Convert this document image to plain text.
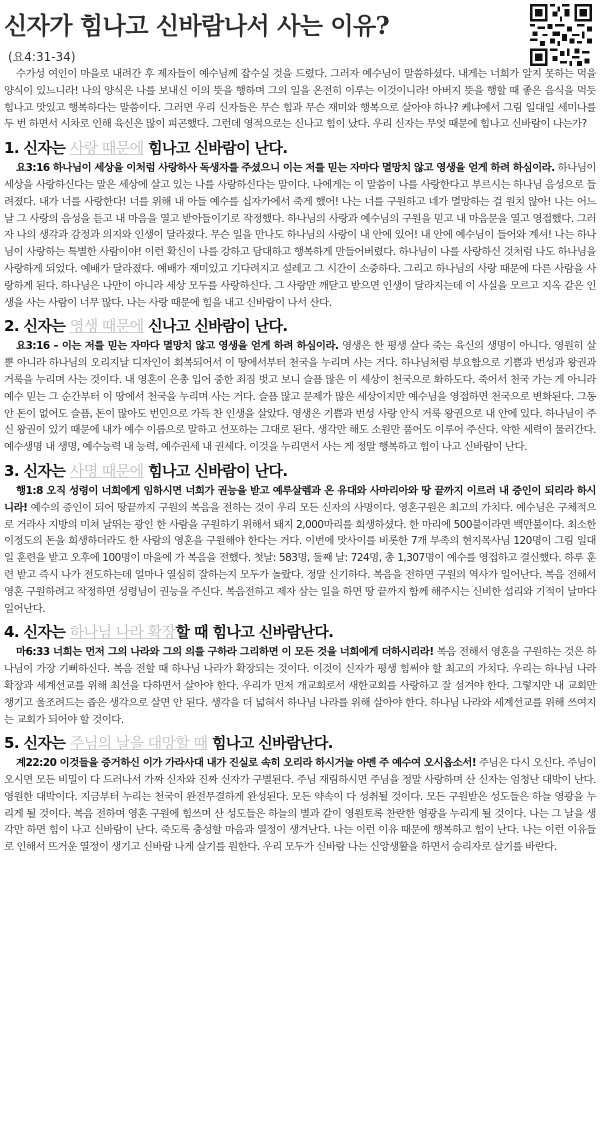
신자가 힘나고 신바람나서 사는 이유?
(요4:31-34)

수가성 여인이 마을로 내려간 후 제자들이 예수님께 잡수실 것을 드렸다. 그러자 예수님이 말씀하셨다. 내게는 너희가 알지 못하는 먹을 양식이 있느니라! 나의 양식은 나를 보내신 이의 뜻을 행하며 그의 일을 온전히 이루는 이것이니라! 아버지 뜻을 행할 때 좋은 음식을 먹듯 힘나고 맛있고 행복하다는 말씀이다. 그러면 우리 신자들은 무슨 힘과 무슨 재미와 행복으로 살아야 하나? 케냐에서 그림 일대일 세미나를 두 번 하면서 시차로 인해 육신은 많이 피곤했다. 그런데 영적으로는 신나고 힘이 났다. 우리 신자는 무엇 때문에 힘나고 신바람이 나는가?

1. 신자는 사랑 때문에 힘나고 신바람이 난다.

요3:16 하나님이 세상을 이처럼 사랑하사 독생자를 주셨으니 이는 저를 믿는 자마다 멸망치 않고 영생을 얻게 하려 하심이라. 하나님이 세상을 사랑하신다는 말은 세상에 살고 있는 나를 사랑하신다는 말이다. 나에게는 이 말씀이 나를 사랑한다고 부르시는 하나님 음성으로 들려졌다. 내가 너를 사랑한다! 너를 위해 내 아들 예수를 십자가에서 죽게 했어! 나는 너를 구원하고 네가 멸망하는 걸 원치 않아! 나는 어느 날 그 사랑의 음성을 듣고 내 마음을 열고 받아들이기로 작정했다. 하나님의 사랑과 예수님의 구원을 믿고 내 마음문을 열고 영접했다. 그러자 나의 생각과 감정과 의지와 인생이 달라졌다. 무슨 일을 만나도 하나님의 사랑이 내 안에 있어! 내 안에 예수님이 들어와 계셔! 나는 하나님이 사랑하는 특별한 사람이야! 이런 확신이 나를 강하고 담대하고 행복하게 만들어버렸다. 하나님이 나를 사랑하신 것처럼 나도 하나님을 사랑하게 되었다. 예배가 달라졌다. 예배가 재미있고 기다려지고 설레고 그 시간이 소중하다. 그리고 하나님의 사랑 때문에 다른 사람을 사랑하게 된다. 하나님은 나만이 아니라 세상 모두를 사랑하신다. 그 사랑만 깨닫고 받으면 인생이 달라지는데 이 사실을 모르고 지옥 같은 인생을 사는 사람이 너무 많다. 나는 사랑 때문에 힘을 내고 신바람이 나서 산다.

2. 신자는 영생 때문에 신나고 신바람이 난다.

요3:16 – 이는 저를 믿는 자마다 멸망치 않고 영생을 얻게 하려 하심이라. 영생은 한 평생 살다 죽는 육신의 생명이 아니다. 영원히 살 뿐 아니라 하나님의 오리지날 디자인이 회복되어서 이 땅에서부터 천국을 누리며 사는 거다. 하나님처럼 부요함으로 기쁨과 번성과 왕권과 거룩을 누리며 사는 것이다. 내 영혼이 은총 입어 중한 죄짐 벗고 보니 슬픔 많은 이 세상이 천국으로 화하도다. 죽어서 천국 가는 게 아니라 예수 믿는 그 순간부터 이 땅에서 천국을 누리며 사는 거다. 슬픔 많고 문제가 많은 세상이지만 예수님을 영접하면 천국으로 변화된다. 그동안 돈이 없어도 슬픔, 돈이 많아도 번민으로 가득 찬 인생을 살았다. 영생은 기쁨과 번성 사랑 안식 거룩 왕권으로 내 안에 있다. 하나님이 주신 왕권이 있기 때문에 내가 예수 이름으로 말하고 선포하는 그대로 된다. 생각만 해도 소원만 품어도 이루어 주신다. 악한 세력이 물러간다. 예수생명 내 생명, 예수능력 내 능력, 예수권세 내 권세다. 이것을 누리면서 사는 게 정말 행복하고 힘이 나고 신바람이 난다.

3. 신자는 사명 때문에 힘나고 신바람이 난다.

행1:8 오직 성령이 너희에게 임하시면 너희가 권능을 받고 예루살렘과 온 유대와 사마리아와 땅 끝까지 이르러 내 증인이 되리라 하시니라! 예수의 증인이 되어 땅끝까지 구원의 복음을 전하는 것이 우리 모든 신자의 사명이다. 영혼구원은 최고의 가치다. 예수님은 구체적으로 거라사 지방의 미쳐 날뛰는 광인 한 사람을 구원하기 위해서 돼지 2,000마리를 희생하셨다. 한 마리에 500불이라면 백만불이다. 최소한 이정도의 돈을 희생하더라도 한 사람의 영혼을 구원해야 한다는 거다. 이번에 맛사이를 비롯한 7개 부족의 현지목사님 120명이 그림 일대일 훈련을 받고 오후에 100명이 마을에 가 복음을 전했다. 첫날: 583명, 둘째 날: 724명, 총 1,307명이 예수를 영접하고 결신했다. 하루 훈련 받고 즉시 나가 전도하는데 얼마나 열심히 잘하는지 모두가 놀랐다. 정말 신기하다. 복음을 전하면 구원의 역사가 일어난다. 복음 전해서 영혼 구원하려고 작정하면 성령님이 권능을 주신다. 복음전하고 제자 삼는 일을 하면 땅 끝까지 함께 해주시는 신비한 섭리와 기적이 날마다 일어난다.

4. 신자는 하나님 나라 확장할 때 힘나고 신바람난다.

마6:33 너희는 먼저 그의 나라와 그의 의를 구하라 그리하면 이 모든 것을 너희에게 더하시리라! 복음 전해서 영혼을 구원하는 것은 하나님이 가장 기뻐하신다. 복음 전할 때 하나님 나라가 확장되는 것이다. 이것이 신자가 평생 힘써야 할 최고의 가치다. 우리는 하나님 나라 확장과 세계선교를 위해 최선을 다하면서 살아야 한다. 우리가 먼저 개교회로서 새한교회를 사랑하고 잘 섬겨야 한다. 그렇지만 내 교회만 챙기고 울조려드는 좁은 생각으로 살면 안 된다. 생각을 더 넓혀서 하나님 나라를 위해 살아야 한다. 하나님 나라와 세계선교를 위해 쓰여지는 교회가 되어야 할 것이다.

5. 신자는 주님의 날을 대망할 때 힘나고 신바람난다.

계22:20 이것들을 증거하신 이가 가라사대 내가 진실로 속히 오리라 하시거늘 아멘 주 예수여 오시옵소서! 주님은 다시 오신다. 주님이 오시면 모든 비밀이 다 드러나서 가짜 신자와 진짜 신자가 구별된다. 주님 재림하시면 주님을 정말 사랑하며 산 신자는 엄청난 대박이 난다. 영원한 대박이다. 지금부터 누리는 천국이 완전무결하게 완성된다. 모든 약속이 다 성취될 것이다. 모든 구원받은 성도들은 하늘 영광을 누리게 될 것이다. 복음 전하며 영혼 구원에 힘쓰며 산 성도들은 하늘의 별과 같이 영원토록 찬란한 영광을 누리게 될 것이다. 나는 그 날을 생각만 하면 힘이 나고 신바람이 난다. 죽도록 충성할 마음과 열정이 생겨난다. 나는 이런 이유 때문에 행복하고 힘이 난다. 나는 이런 이유들로 인해서 뜨거운 열정이 생기고 신바람 나게 살기를 원한다. 우리 모두가 신바람 나는 신앙생활을 하면서 승리자로 살기를 바란다.
